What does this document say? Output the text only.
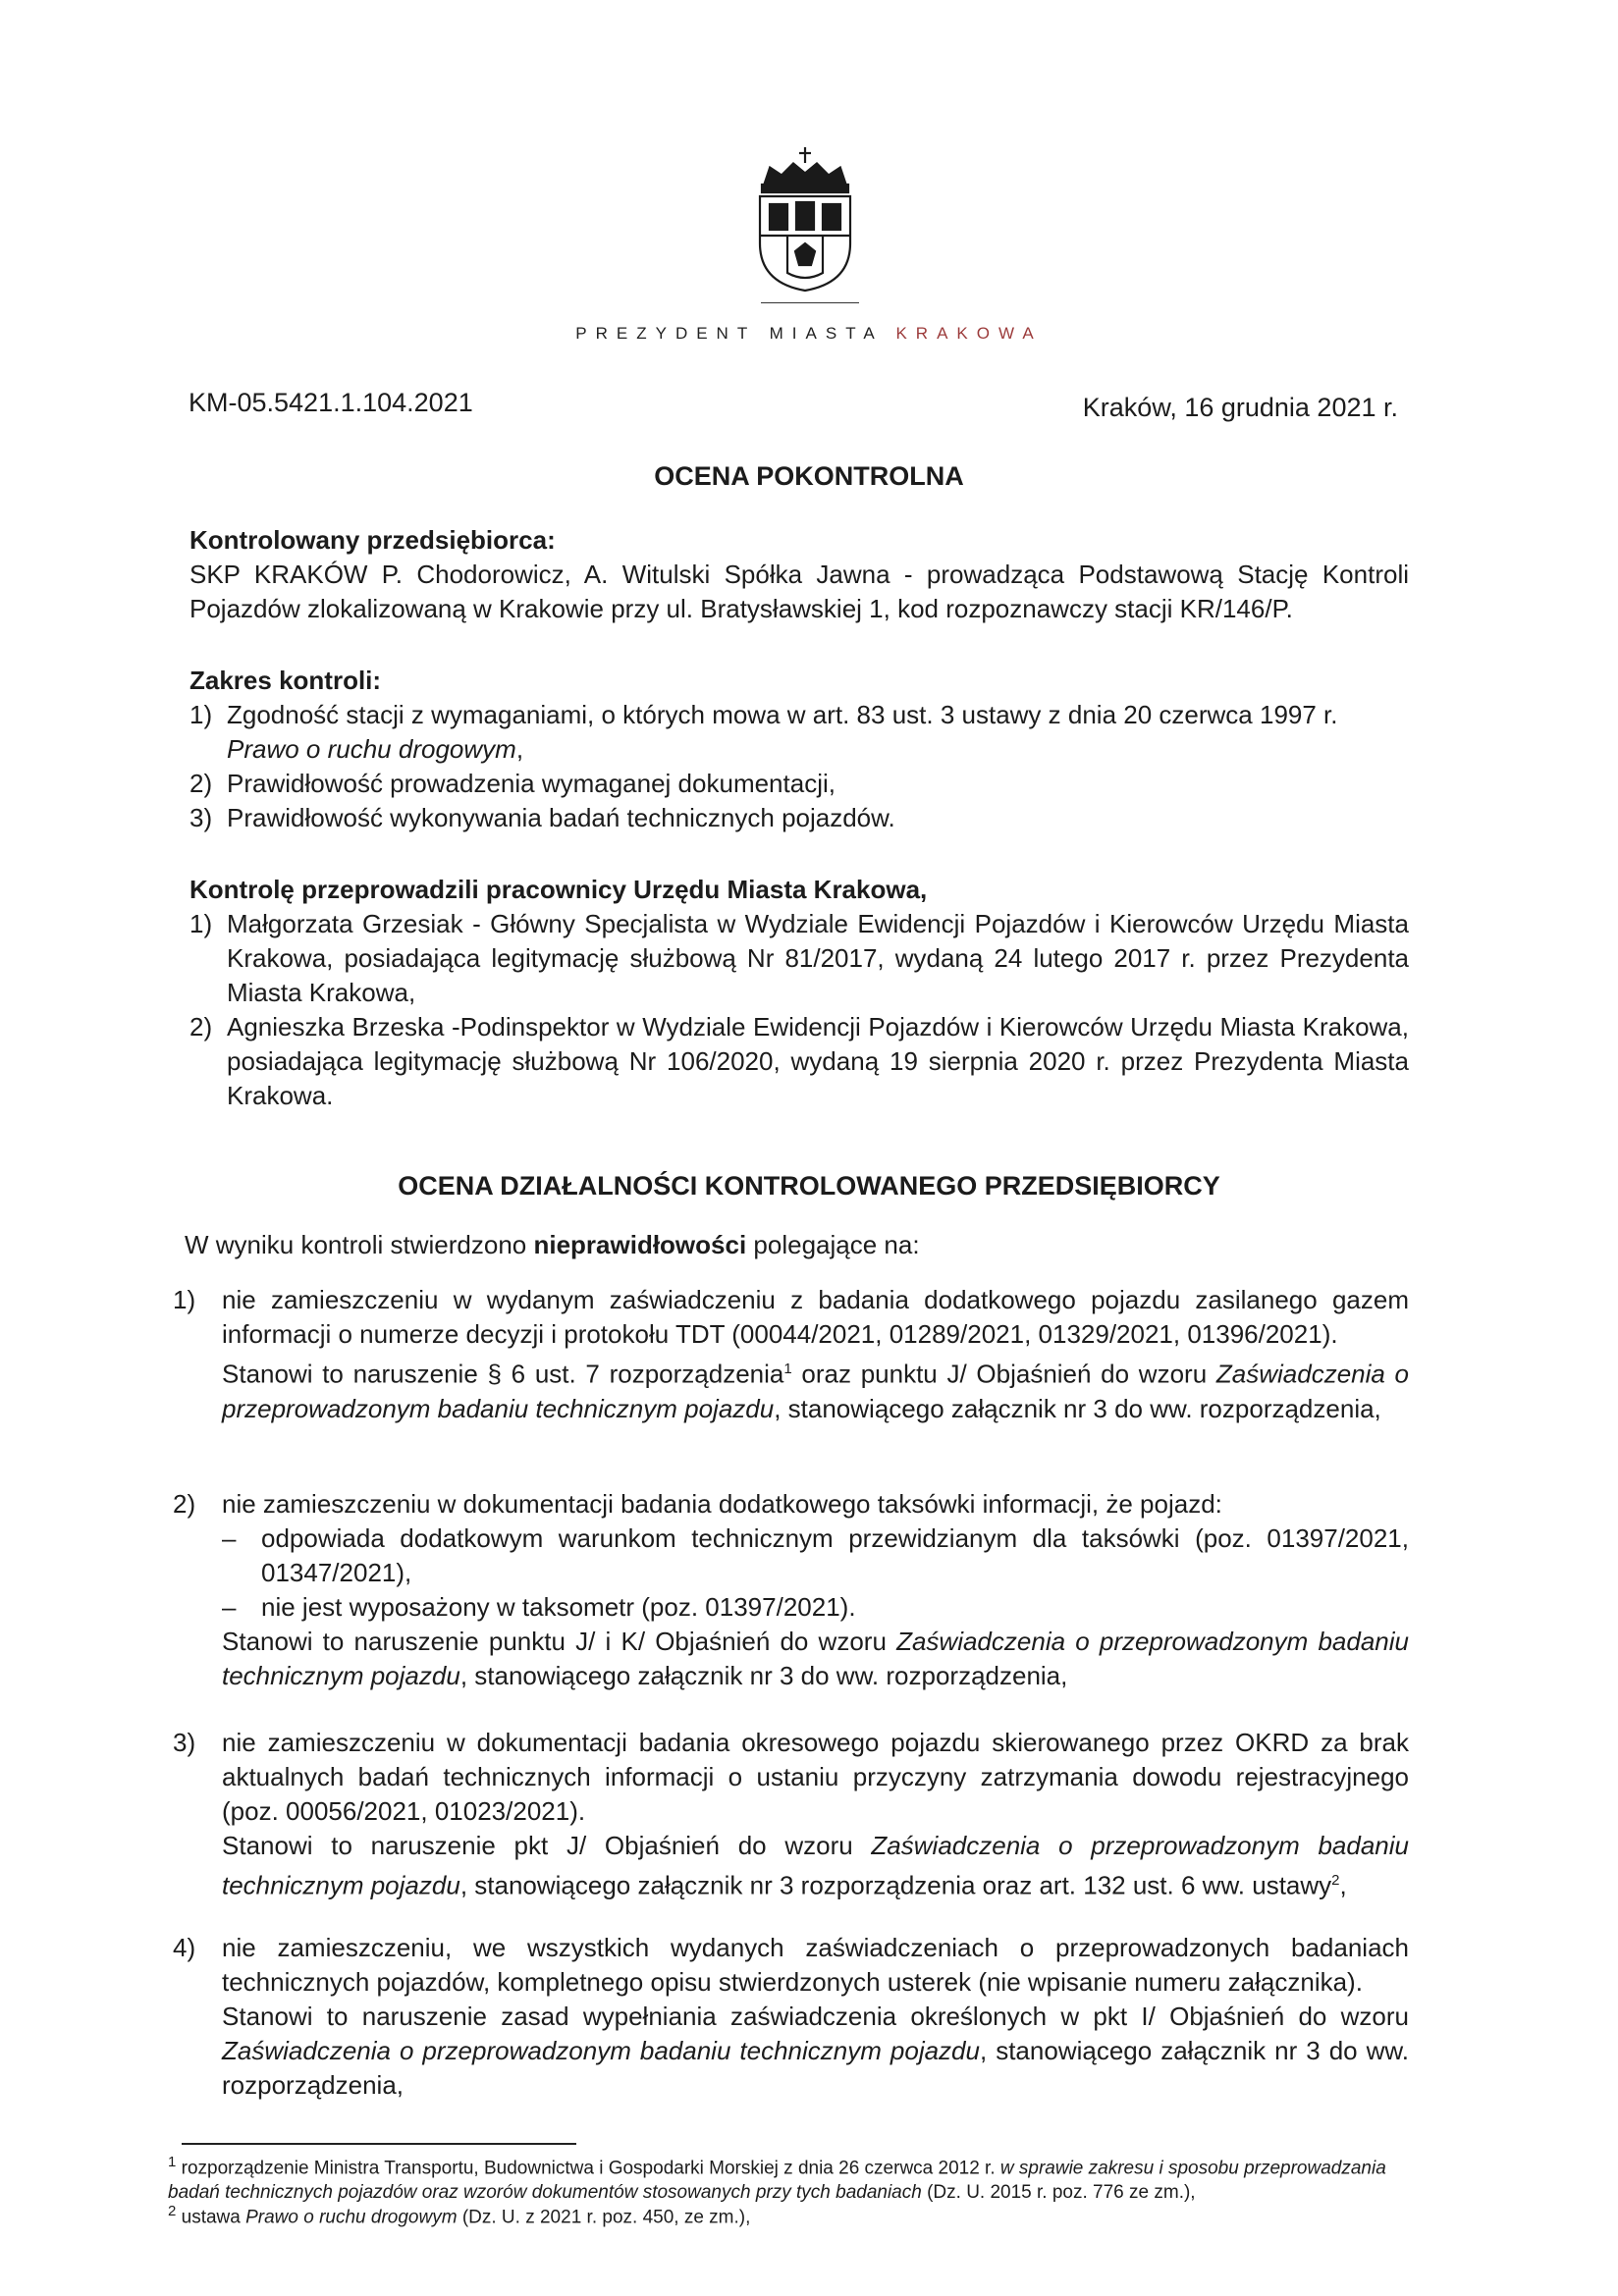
PREZYDENT MIASTA KRAKOWA
KM-05.5421.1.104.2021	Kraków, 16 grudnia 2021 r.
OCENA POKONTROLNA
Kontrolowany przedsiębiorca:
SKP KRAKÓW P. Chodorowicz, A. Witulski Spółka Jawna - prowadząca Podstawową Stację Kontroli Pojazdów zlokalizowaną w Krakowie przy ul. Bratysławskiej 1, kod rozpoznawczy stacji KR/146/P.
Zakres kontroli:
1) Zgodność stacji z wymaganiami, o których mowa w art. 83 ust. 3 ustawy z dnia 20 czerwca 1997 r.
Prawo o ruchu drogowym,
2) Prawidłowość prowadzenia wymaganej dokumentacji,
3) Prawidłowość wykonywania badań technicznych pojazdów.
Kontrolę przeprowadzili pracownicy Urzędu Miasta Krakowa,
1) Małgorzata Grzesiak - Główny Specjalista w Wydziale Ewidencji Pojazdów i Kierowców Urzędu Miasta Krakowa, posiadająca legitymację służbową Nr 81/2017, wydaną 24 lutego 2017 r. przez Prezydenta Miasta Krakowa,
2) Agnieszka Brzeska -Podinspektor w Wydziale Ewidencji Pojazdów i Kierowców Urzędu Miasta Krakowa, posiadająca legitymację służbową Nr 106/2020, wydaną 19 sierpnia 2020 r. przez Prezydenta Miasta Krakowa.
OCENA DZIAŁALNOŚCI KONTROLOWANEGO PRZEDSIĘBIORCY
W wyniku kontroli stwierdzono nieprawidłowości polegające na:
1) nie zamieszczeniu w wydanym zaświadczeniu z badania dodatkowego pojazdu zasilanego gazem informacji o numerze decyzji i protokołu TDT (00044/2021, 01289/2021, 01329/2021, 01396/2021).
Stanowi to naruszenie § 6 ust. 7 rozporządzenia$^1$ oraz punktu J/ Objaśnień do wzoru Zaświadczenia o przeprowadzonym badaniu technicznym pojazdu, stanowiącego załącznik nr 3 do ww. rozporządzenia,
2) nie zamieszczeniu w dokumentacji badania dodatkowego taksówki informacji, że pojazd:
– odpowiada dodatkowym warunkom technicznym przewidzianym dla taksówki (poz. 01397/2021, 01347/2021),
– nie jest wyposażony w taksometr (poz. 01397/2021).
Stanowi to naruszenie punktu J/ i K/ Objaśnień do wzoru Zaświadczenia o przeprowadzonym badaniu technicznym pojazdu, stanowiącego załącznik nr 3 do ww. rozporządzenia,
3) nie zamieszczeniu w dokumentacji badania okresowego pojazdu skierowanego przez OKRD za brak aktualnych badań technicznych informacji o ustaniu przyczyny zatrzymania dowodu rejestracyjnego (poz. 00056/2021, 01023/2021).
Stanowi to naruszenie pkt J/ Objaśnień do wzoru Zaświadczenia o przeprowadzonym badaniu technicznym pojazdu, stanowiącego załącznik nr 3 rozporządzenia oraz art. 132 ust. 6 ww. ustawy$^2$,
4) nie zamieszczeniu, we wszystkich wydanych zaświadczeniach o przeprowadzonych badaniach technicznych pojazdów, kompletnego opisu stwierdzonych usterek (nie wpisanie numeru załącznika).
Stanowi to naruszenie zasad wypełniania zaświadczenia określonych w pkt I/ Objaśnień do wzoru Zaświadczenia o przeprowadzonym badaniu technicznym pojazdu, stanowiącego załącznik nr 3 do ww. rozporządzenia,
$^1$ rozporządzenie Ministra Transportu, Budownictwa i Gospodarki Morskiej z dnia 26 czerwca 2012 r. w sprawie zakresu i sposobu przeprowadzania badań technicznych pojazdów oraz wzorów dokumentów stosowanych przy tych badaniach (Dz. U. 2015 r. poz. 776 ze zm.),
$^2$ ustawa Prawo o ruchu drogowym (Dz. U. z 2021 r. poz. 450, ze zm.),
